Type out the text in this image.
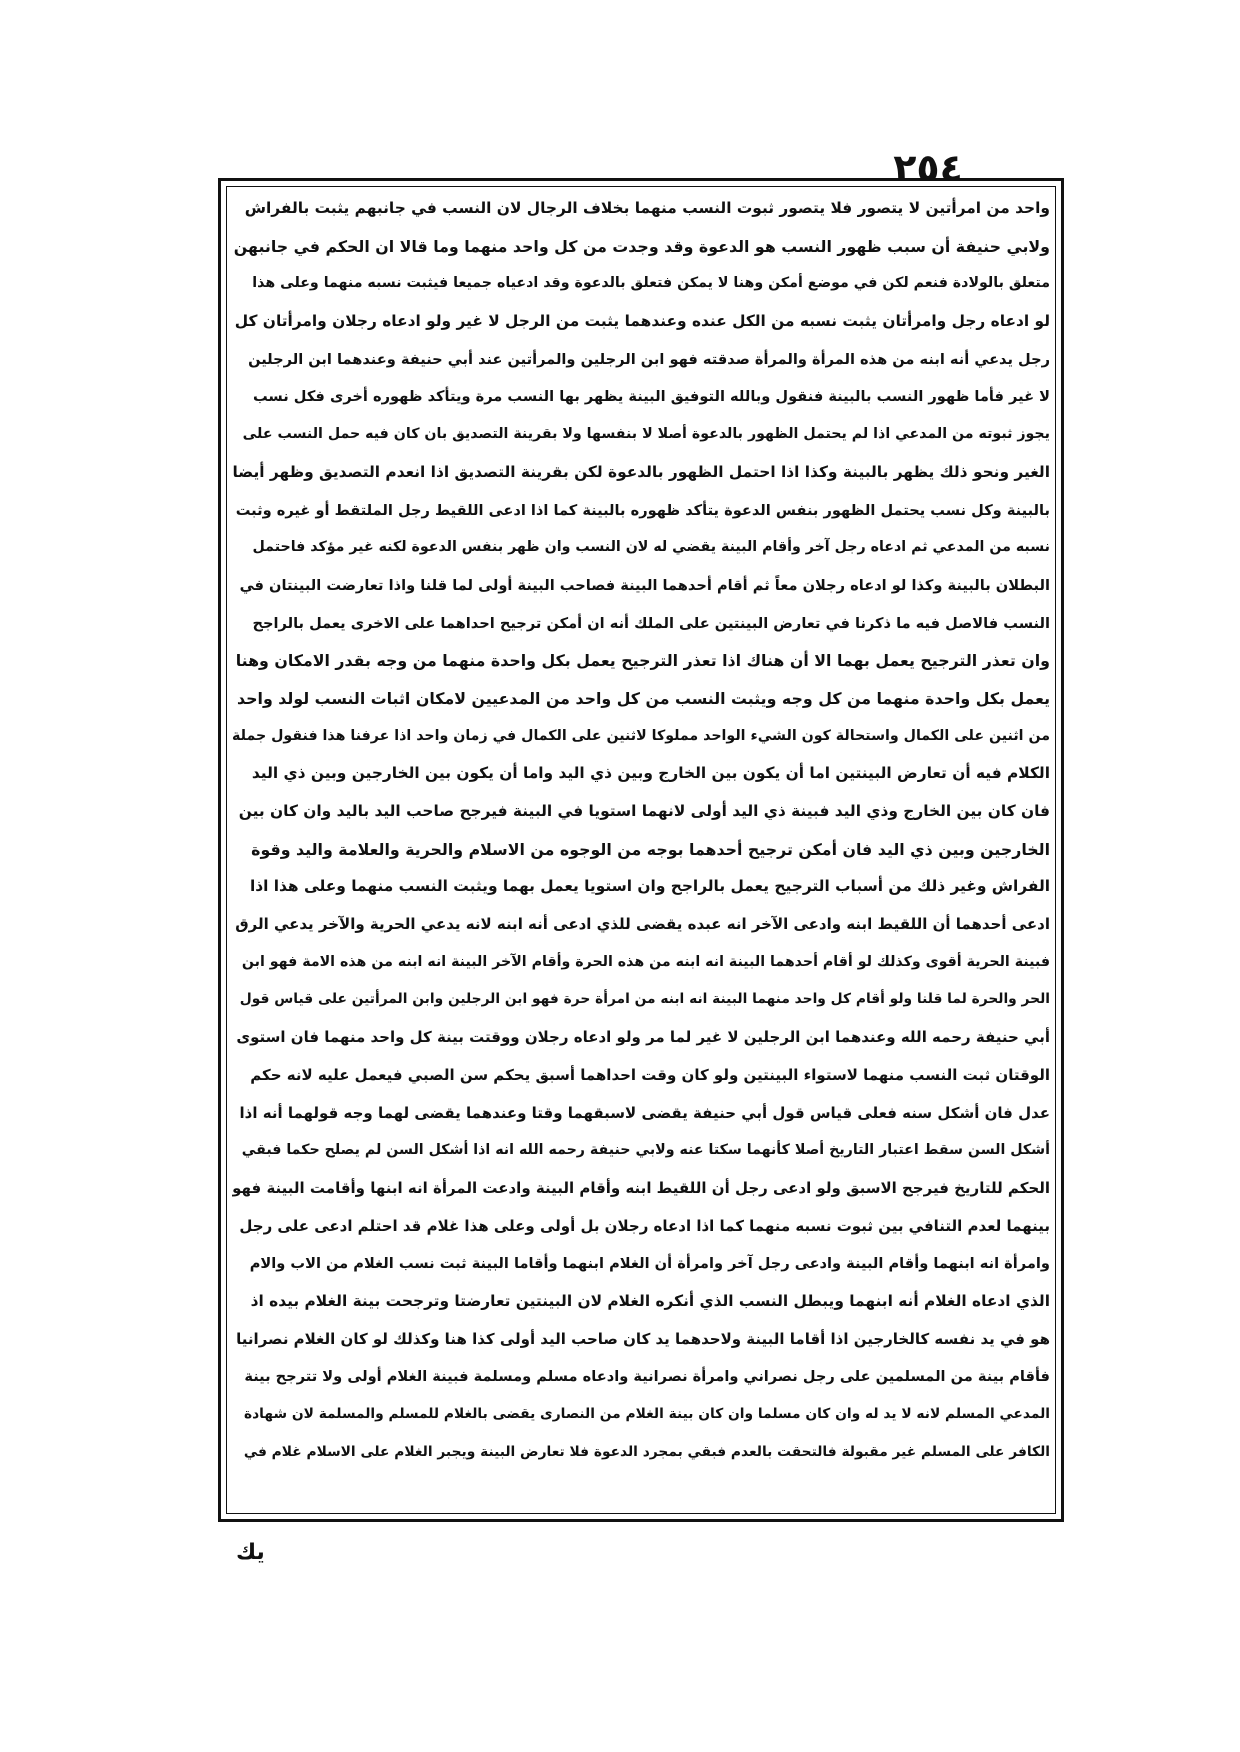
٢٥٤
واحد من امرأتين لا يتصور فلا يتصور ثبوت النسب منهما بخلاف الرجال لان النسب في جانبهم يثبت بالفراش
ولابي حنيفة أن سبب ظهور النسب هو الدعوة وقد وجدت من كل واحد منهما وما قالا ان الحكم في جانبهن
متعلق بالولادة فنعم لكن في موضع أمكن وهنا لا يمكن فتعلق بالدعوة وقد ادعياه جميعا فيثبت نسبه منهما وعلى هذا
لو ادعاه رجل وامرأتان يثبت نسبه من الكل عنده وعندهما يثبت من الرجل لا غير ولو ادعاه رجلان وامرأتان كل
رجل يدعي أنه ابنه من هذه المرأة والمرأة صدقته فهو ابن الرجلين والمرأتين عند أبي حنيفة وعندهما ابن الرجلين
لا غير فأما ظهور النسب بالبينة فنقول وبالله التوفيق البينة يظهر بها النسب مرة ويتأكد ظهوره أخرى فكل نسب
يجوز ثبوته من المدعي اذا لم يحتمل الظهور بالدعوة أصلا لا بنفسها ولا بقرينة التصديق بان كان فيه حمل النسب على
الغير ونحو ذلك يظهر بالبينة وكذا اذا احتمل الظهور بالدعوة لكن بقرينة التصديق اذا انعدم التصديق وظهر أيضا
بالبينة وكل نسب يحتمل الظهور بنفس الدعوة يتأكد ظهوره بالبينة كما اذا ادعى اللقيط رجل الملتقط أو غيره وثبت
نسبه من المدعي ثم ادعاه رجل آخر وأقام البينة يقضي له لان النسب وان ظهر بنفس الدعوة لكنه غير مؤكد فاحتمل
البطلان بالبينة وكذا لو ادعاه رجلان معاً ثم أقام أحدهما البينة فصاحب البينة أولى لما قلنا واذا تعارضت البينتان في
النسب فالاصل فيه ما ذكرنا في تعارض البينتين على الملك أنه ان أمكن ترجيح احداهما على الاخرى يعمل بالراجح
وان تعذر الترجيح يعمل بهما الا أن هناك اذا تعذر الترجيح يعمل بكل واحدة منهما من وجه بقدر الامكان وهنا
يعمل بكل واحدة منهما من كل وجه ويثبت النسب من كل واحد من المدعيين لامكان اثبات النسب لولد واحد
من اثنين على الكمال واستحالة كون الشيء الواحد مملوكا لاثنين على الكمال في زمان واحد اذا عرفنا هذا فنقول جملة
الكلام فيه أن تعارض البينتين اما أن يكون بين الخارج وبين ذي اليد واما أن يكون بين الخارجين وبين ذي اليد
فان كان بين الخارج وذي اليد فبينة ذي اليد أولى لانهما استويا في البينة فيرجح صاحب اليد باليد وان كان بين
الخارجين وبين ذي اليد فان أمكن ترجيح أحدهما بوجه من الوجوه من الاسلام والحرية والعلامة واليد وقوة
الفراش وغير ذلك من أسباب الترجيح يعمل بالراجح وان استويا يعمل بهما ويثبت النسب منهما وعلى هذا اذا
ادعى أحدهما أن اللقيط ابنه وادعى الآخر انه عبده يقضى للذي ادعى أنه ابنه لانه يدعي الحرية والآخر يدعي الرق
فبينة الحرية أقوى وكذلك لو أقام أحدهما البينة انه ابنه من هذه الحرة وأقام الآخر البينة انه ابنه من هذه الامة فهو ابن
الحر والحرة لما قلنا ولو أقام كل واحد منهما البينة انه ابنه من امرأة حرة فهو ابن الرجلين وابن المرأتين على قياس قول
أبي حنيفة رحمه الله وعندهما ابن الرجلين لا غير لما مر ولو ادعاه رجلان ووقتت بينة كل واحد منهما فان استوى
الوقتان ثبت النسب منهما لاستواء البينتين ولو كان وقت احداهما أسبق يحكم سن الصبي فيعمل عليه لانه حكم
عدل فان أشكل سنه فعلى قياس قول أبي حنيفة يقضى لاسبقهما وقتا وعندهما يقضى لهما وجه قولهما أنه اذا
أشكل السن سقط اعتبار التاريخ أصلا كأنهما سكتا عنه ولابي حنيفة رحمه الله انه اذا أشكل السن لم يصلح حكما فبقي
الحكم للتاريخ فيرجح الاسبق ولو ادعى رجل أن اللقيط ابنه وأقام البينة وادعت المرأة انه ابنها وأقامت البينة فهو
بينهما لعدم التنافي بين ثبوت نسبه منهما كما اذا ادعاه رجلان بل أولى وعلى هذا غلام قد احتلم ادعى على رجل
وامرأة انه ابنهما وأقام البينة وادعى رجل آخر وامرأة أن الغلام ابنهما وأقاما البينة ثبت نسب الغلام من الاب والام
الذي ادعاه الغلام أنه ابنهما ويبطل النسب الذي أنكره الغلام لان البينتين تعارضتا وترجحت بينة الغلام بيده اذ
هو في يد نفسه كالخارجين اذا أقاما البينة ولاحدهما يد كان صاحب اليد أولى كذا هنا وكذلك لو كان الغلام نصرانيا
فأقام بينة من المسلمين على رجل نصراني وامرأة نصرانية وادعاه مسلم ومسلمة فبينة الغلام أولى ولا تترجح بينة
المدعي المسلم لانه لا يد له وان كان مسلما وان كان بينة الغلام من النصارى يقضى بالغلام للمسلم والمسلمة لان شهادة
الكافر على المسلم غير مقبولة فالتحقت بالعدم فبقي بمجرد الدعوة فلا تعارض البينة ويجبر الغلام على الاسلام غلام في
يك
